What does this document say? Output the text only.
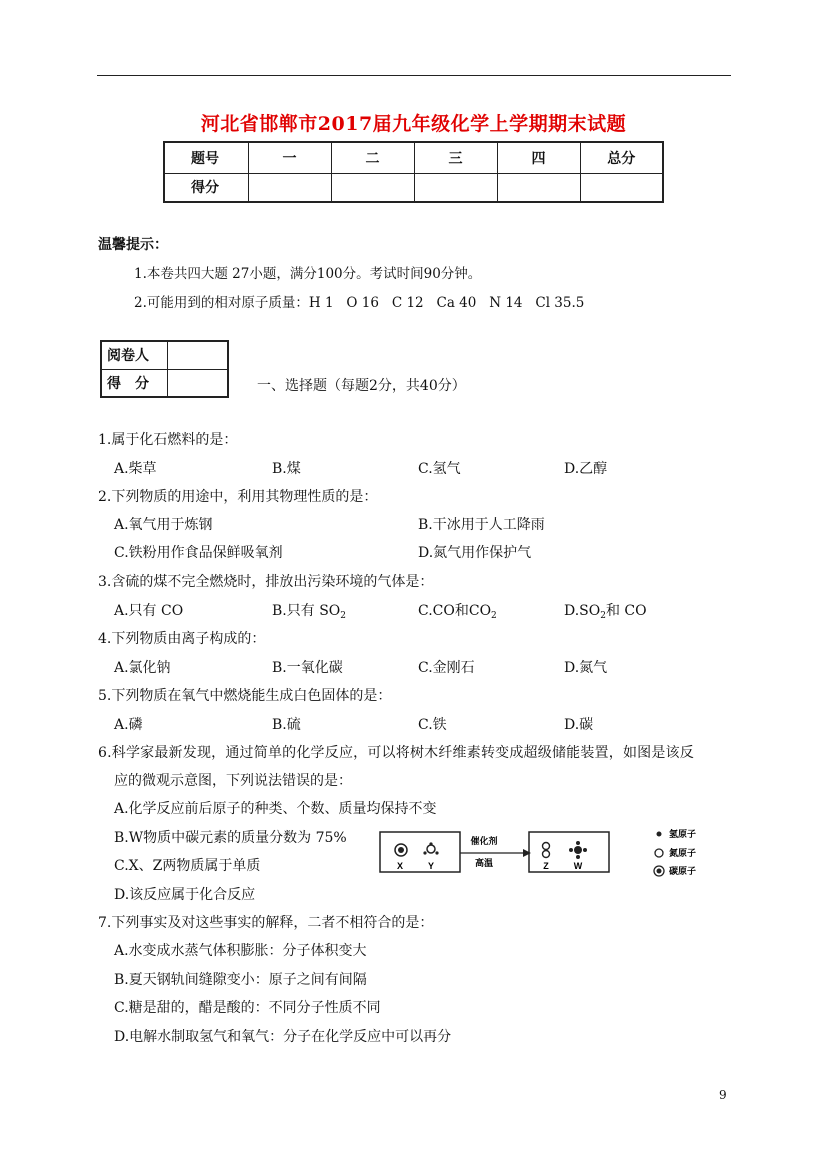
河北省邯郸市2017届九年级化学上学期期末试题
题号	一	二	三	四	总分
得分					
温馨提示：
1.本卷共四大题 27小题，满分100分。考试时间90分钟。
2.可能用到的相对原子质量：H 1   O 16   C 12   Ca 40   N 14   Cl 35.5
阅卷人	
得　分		一、选择题（每题2分，共40分）
1.属于化石燃料的是：
A.柴草	B.煤	C.氢气	D.乙醇
2.下列物质的用途中，利用其物理性质的是：
A.氧气用于炼钢	B.干冰用于人工降雨
C.铁粉用作食品保鲜吸氧剂	D.氮气用作保护气
3.含硫的煤不完全燃烧时，排放出污染环境的气体是：
A.只有 CO	B.只有 $SO_2$	C.CO和$CO_2$	$D.SO_2$和 CO
4.下列物质由离子构成的：
A.氯化钠	B.一氧化碳	C.金刚石	D.氮气
5.下列物质在氧气中燃烧能生成白色固体的是：
A.磷	B.硫	C.铁	D.碳
6.科学家最新发现，通过简单的化学反应，可以将树木纤维素转变成超级储能装置，如图是该反
应的微观示意图，下列说法错误的是：
A.化学反应前后原子的种类、个数、质量均保持不变
B.W物质中碳元素的质量分数为 75%
C.X、Z两物质属于单质
D.该反应属于化合反应
X	Y
催化剂
高温	Z	W
氢原子
氮原子
碳原子
7.下列事实及对这些事实的解释，二者不相符合的是：
A.水变成水蒸气体积膨胀：分子体积变大
B.夏天钢轨间缝隙变小：原子之间有间隔
C.糖是甜的，醋是酸的：不同分子性质不同
D.电解水制取氢气和氧气：分子在化学反应中可以再分
9
